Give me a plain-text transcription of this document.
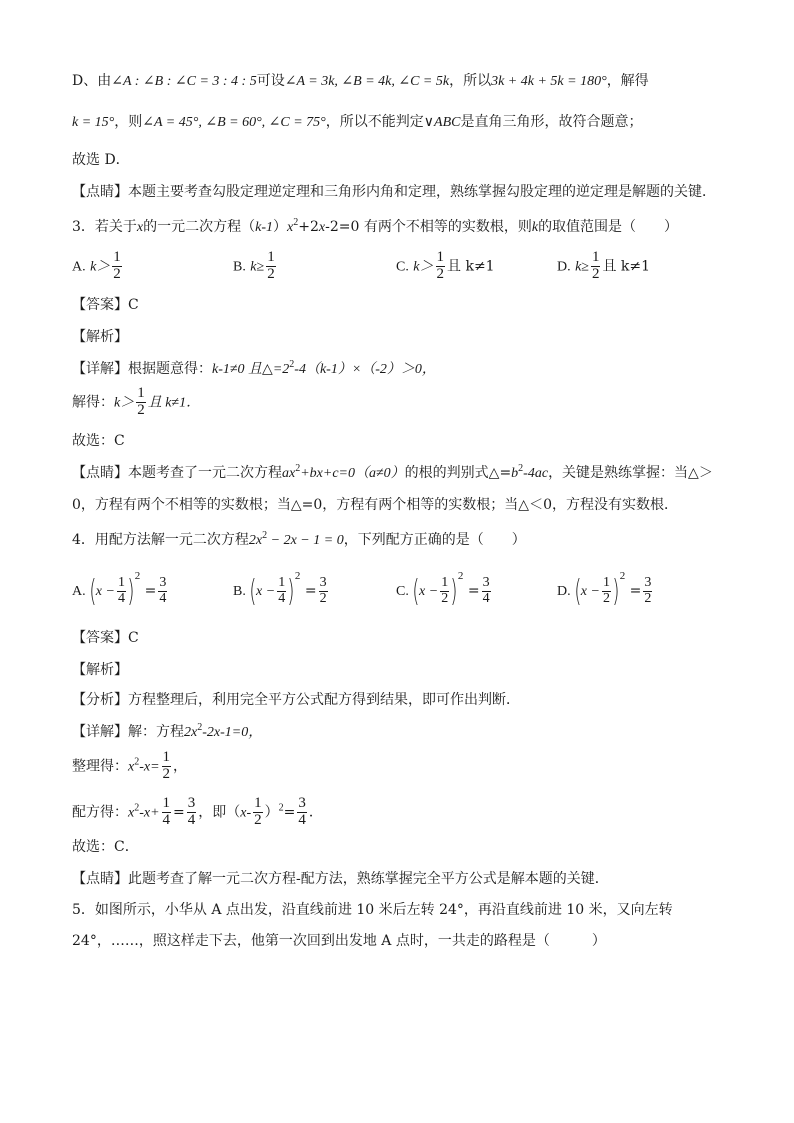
D、由∠A : ∠B : ∠C = 3 : 4 : 5可设∠A = 3k, ∠B = 4k, ∠C = 5k，所以3k + 4k + 5k = 180°，解得
k = 15°，则∠A = 45°, ∠B = 60°, ∠C = 75°，所以不能判定∨ABC是直角三角形，故符合题意；
故选 D．
【点睛】本题主要考查勾股定理逆定理和三角形内角和定理，熟练掌握勾股定理的逆定理是解题的关键．
3．若关于x的一元二次方程$(k-1)x^2+2x-2=0$ 有两个不相等的实数根，则k的取值范围是（　　）
A. $k> \frac{1}{2}$	B. $k\ge \frac{1}{2}$	C. $k> \frac{1}{2}$ 且 k≠1	D. $k\ge \frac{1}{2}$ 且 k≠1
【答案】C
【解析】
【详解】根据题意得：k-1≠0 且$\triangle=2^2-4(k-1)\times(-2)>0$，
解得：$k> \frac{1}{2}$ 且 k≠1．
故选：C
【点睛】本题考查了一元二次方程$ax^2+bx+c=0(a\ne 0)$的根的判别式$\triangle=b^2-4ac$，关键是熟练掌握：当△＞
0，方程有两个不相等的实数根；当△=0，方程有两个相等的实数根；当△＜0，方程没有实数根．
4．用配方法解一元二次方程$2x^2 - 2x - 1 = 0$，下列配方正确的是（　　）
A. $(x - \frac{1}{4} )^2 = \frac{3}{4}$	B. $(x - \frac{1}{4} )^2 = \frac{3}{2}$	C. $(x - \frac{1}{2} )^2 = \frac{3}{4}$	D. $(x - \frac{1}{2} )^2 = \frac{3}{2}$
【答案】C
【解析】
【分析】方程整理后，利用完全平方公式配方得到结果，即可作出判断．
【详解】解：方程$2x^2-2x-1=0$，
整理得：$x^2-x= \frac{1}{2}$ ，
配方得：$x^2-x+ \frac{1}{4} = \frac{3}{4}$ ，即$(x- \frac{1}{2} )^2= \frac{3}{4}$ ．
故选：C．
【点睛】此题考查了解一元二次方程-配方法，熟练掌握完全平方公式是解本题的关键．
5．如图所示，小华从 A 点出发，沿直线前进 10 米后左转 24°，再沿直线前进 10 米，又向左转
24°，……，照这样走下去，他第一次回到出发地 A 点时，一共走的路程是（　　　）
